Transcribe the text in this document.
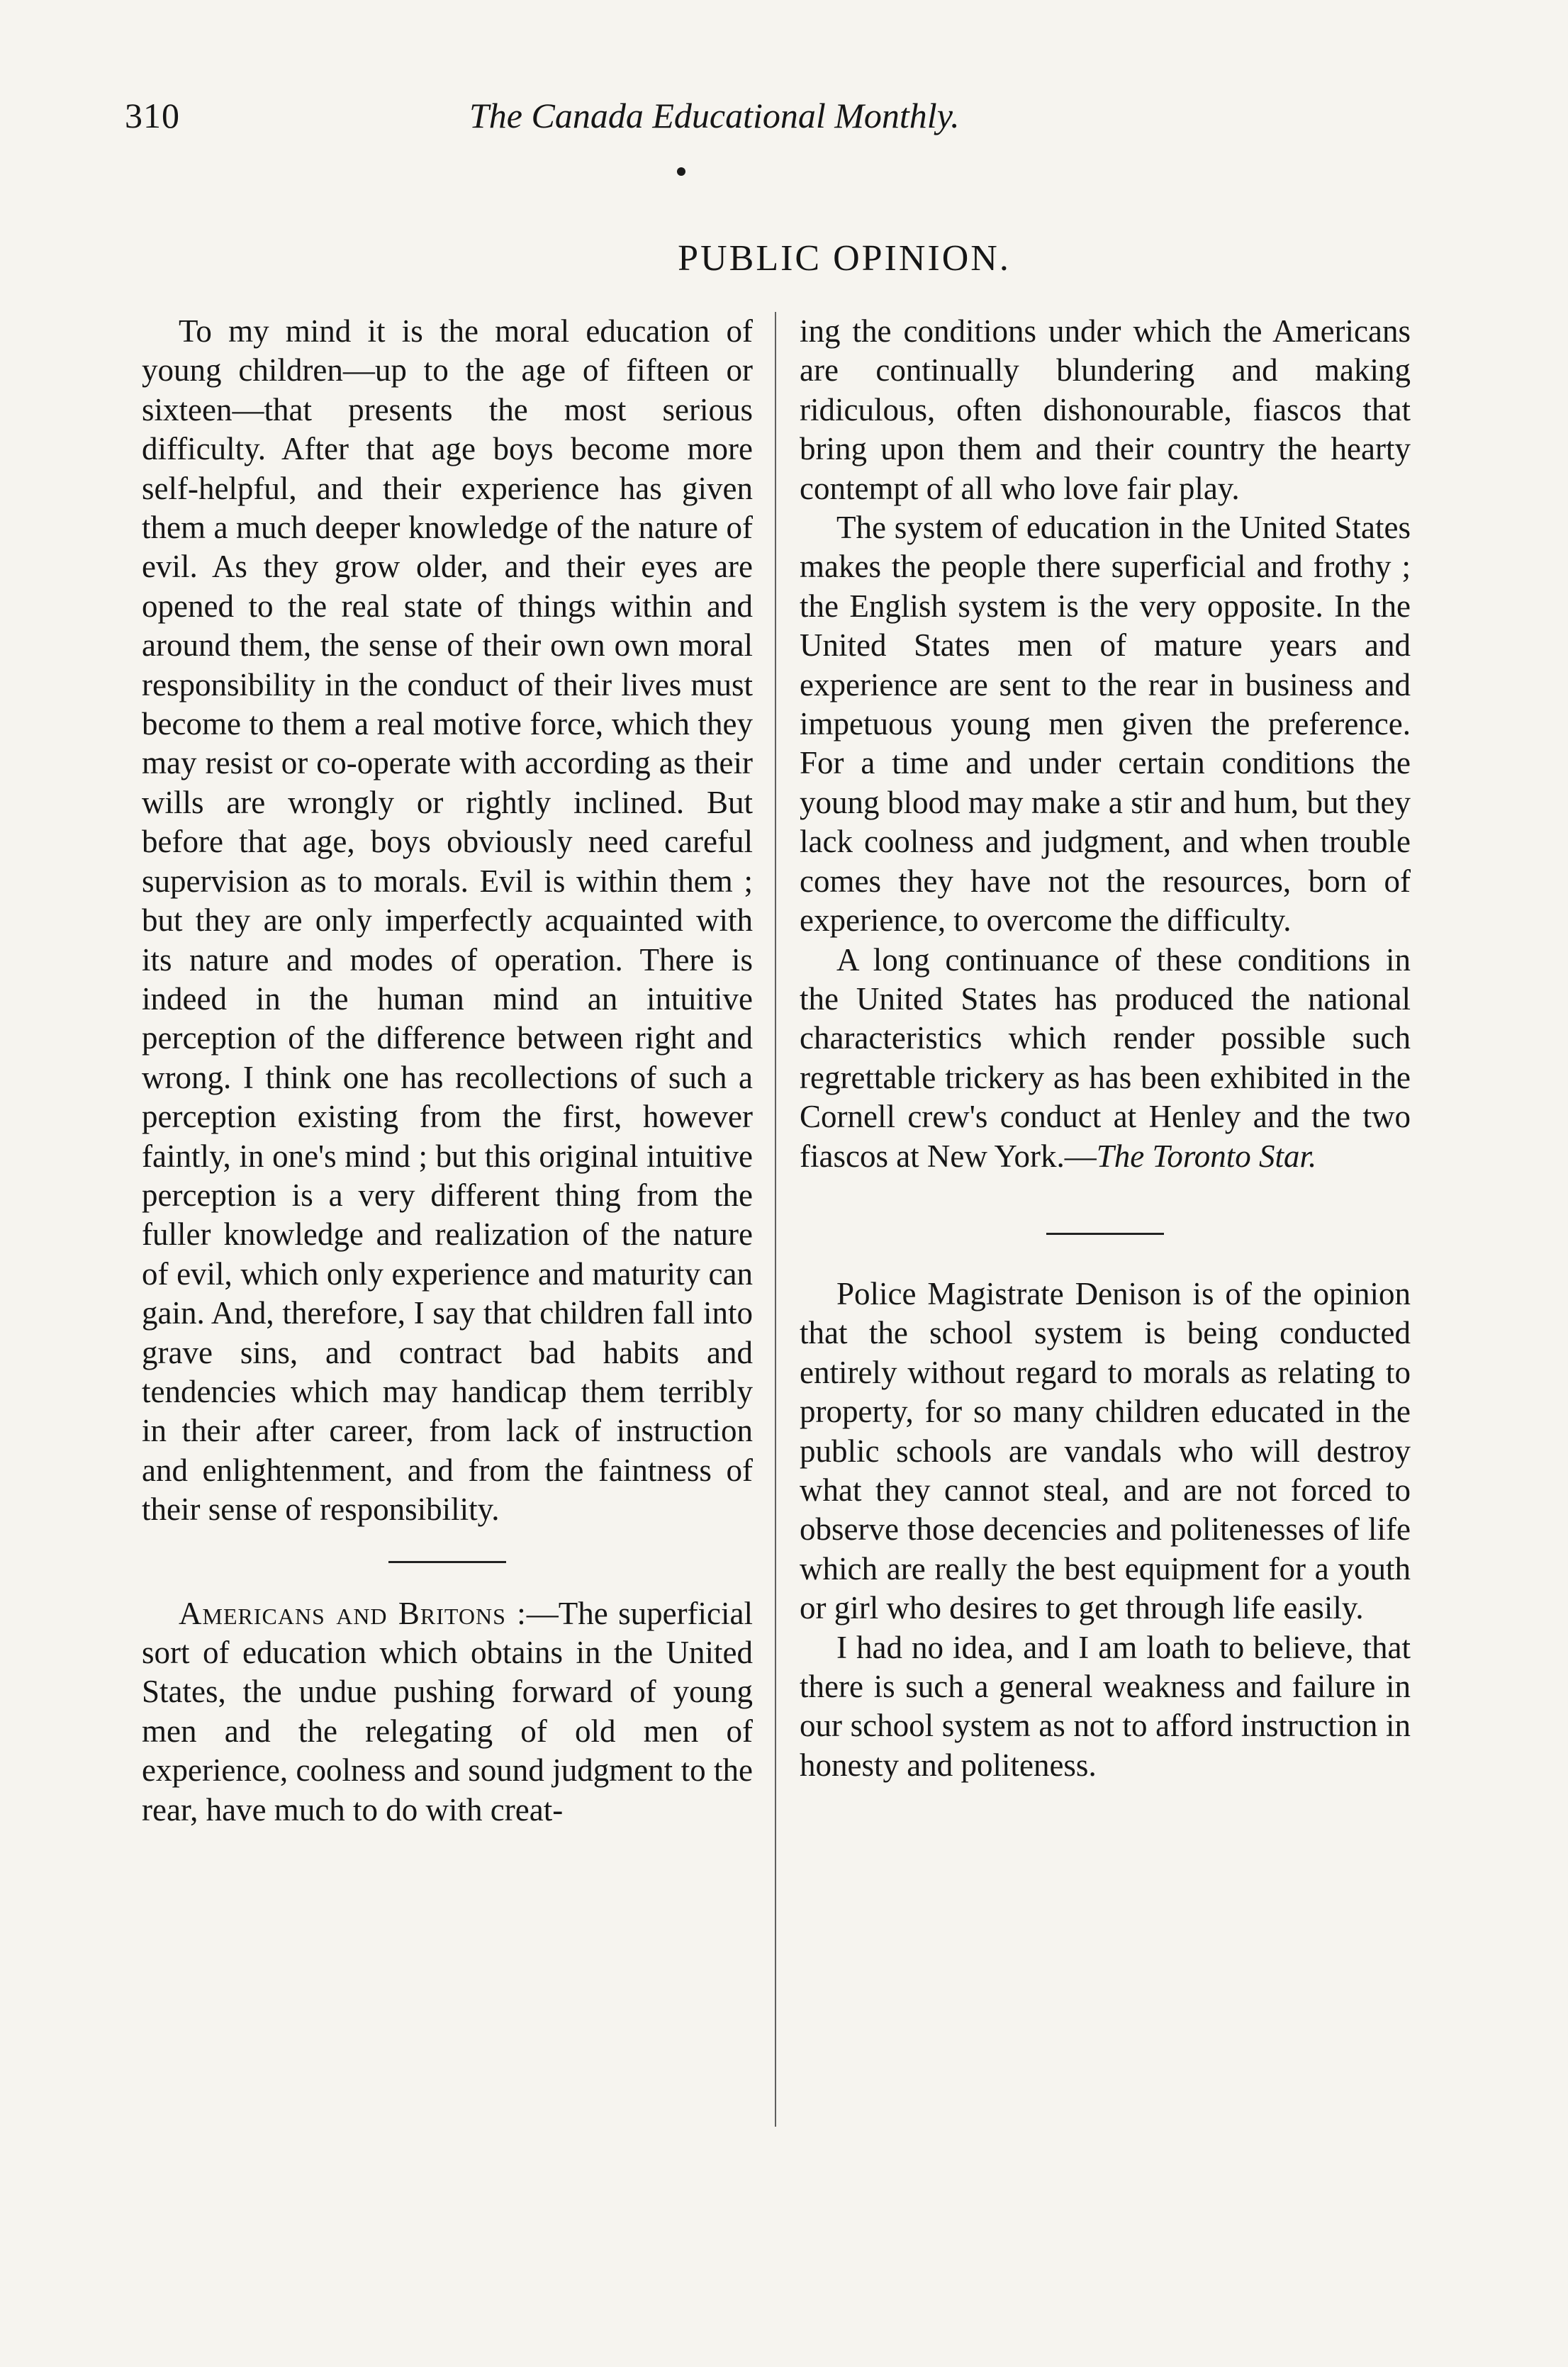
310	The Canada Educational Monthly.
PUBLIC OPINION.

To my mind it is the moral education of young children—up to the age of fifteen or sixteen—that presents the most serious difficulty. After that age boys become more self-helpful, and their experience has given them a much deeper knowledge of the nature of evil. As they grow older, and their eyes are opened to the real state of things within and around them, the sense of their own own moral responsibility in the conduct of their lives must become to them a real motive force, which they may resist or co-operate with according as their wills are wrongly or rightly inclined. But before that age, boys obviously need careful supervision as to morals. Evil is within them ; but they are only imperfectly acquainted with its nature and modes of operation. There is indeed in the human mind an intuitive perception of the difference between right and wrong. I think one has recollections of such a perception existing from the first, however faintly, in one's mind ; but this original intuitive perception is a very different thing from the fuller knowledge and realization of the nature of evil, which only experience and maturity can gain. And, therefore, I say that children fall into grave sins, and contract bad habits and tendencies which may handicap them terribly in their after career, from lack of instruction and enlightenment, and from the faintness of their sense of responsibility.

Americans and Britons :—The superficial sort of education which obtains in the United States, the undue pushing forward of young men and the relegating of old men of experience, coolness and sound judgment to the rear, have much to do with creat-

ing the conditions under which the Americans are continually blundering and making ridiculous, often dishonourable, fiascos that bring upon them and their country the hearty contempt of all who love fair play.

The system of education in the United States makes the people there superficial and frothy ; the English system is the very opposite. In the United States men of mature years and experience are sent to the rear in business and impetuous young men given the preference. For a time and under certain conditions the young blood may make a stir and hum, but they lack coolness and judgment, and when trouble comes they have not the resources, born of experience, to overcome the difficulty.

A long continuance of these conditions in the United States has produced the national characteristics which render possible such regrettable trickery as has been exhibited in the Cornell crew's conduct at Henley and the two fiascos at New York.—The Toronto Star.

Police Magistrate Denison is of the opinion that the school system is being conducted entirely without regard to morals as relating to property, for so many children educated in the public schools are vandals who will destroy what they cannot steal, and are not forced to observe those decencies and politenesses of life which are really the best equipment for a youth or girl who desires to get through life easily.

I had no idea, and I am loath to believe, that there is such a general weakness and failure in our school system as not to afford instruction in honesty and politeness.
